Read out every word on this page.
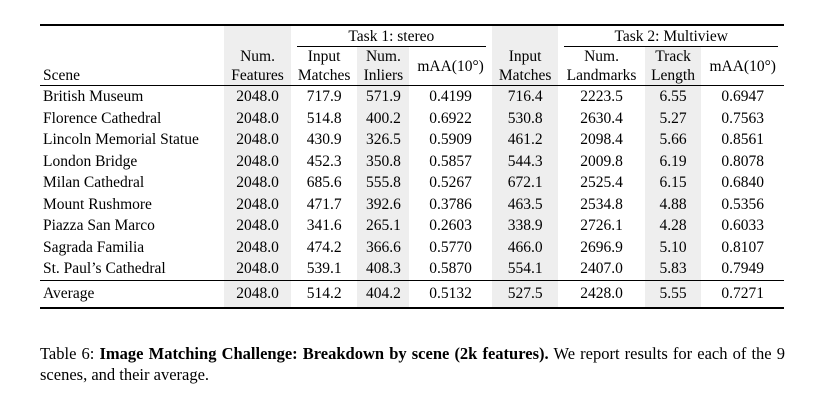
		Task 1: stereo				Task 2: Multiview		

	Num.	Input	Num.	mAA(10°)	Input	Num.	Track	mAA(10°)
Scene	Features	Matches	Inliers		Matches	Landmarks	Length	

British Museum	2048.0	717.9	571.9	0.4199	716.4	2223.5	6.55	0.6947
Florence Cathedral	2048.0	514.8	400.2	0.6922	530.8	2630.4	5.27	0.7563
Lincoln Memorial Statue	2048.0	430.9	326.5	0.5909	461.2	2098.4	5.66	0.8561
London Bridge	2048.0	452.3	350.8	0.5857	544.3	2009.8	6.19	0.8078
Milan Cathedral	2048.0	685.6	555.8	0.5267	672.1	2525.4	6.15	0.6840
Mount Rushmore	2048.0	471.7	392.6	0.3786	463.5	2534.8	4.88	0.5356
Piazza San Marco	2048.0	341.6	265.1	0.2603	338.9	2726.1	4.28	0.6033
Sagrada Familia	2048.0	474.2	366.6	0.5770	466.0	2696.9	5.10	0.8107
St. Paul’s Cathedral	2048.0	539.1	408.3	0.5870	554.1	2407.0	5.83	0.7949

Average	2048.0	514.2	404.2	0.5132	527.5	2428.0	5.55	0.7271

Table 6: Image Matching Challenge: Breakdown by scene (2k features). We report results for each of the 9 scenes, and their average.
